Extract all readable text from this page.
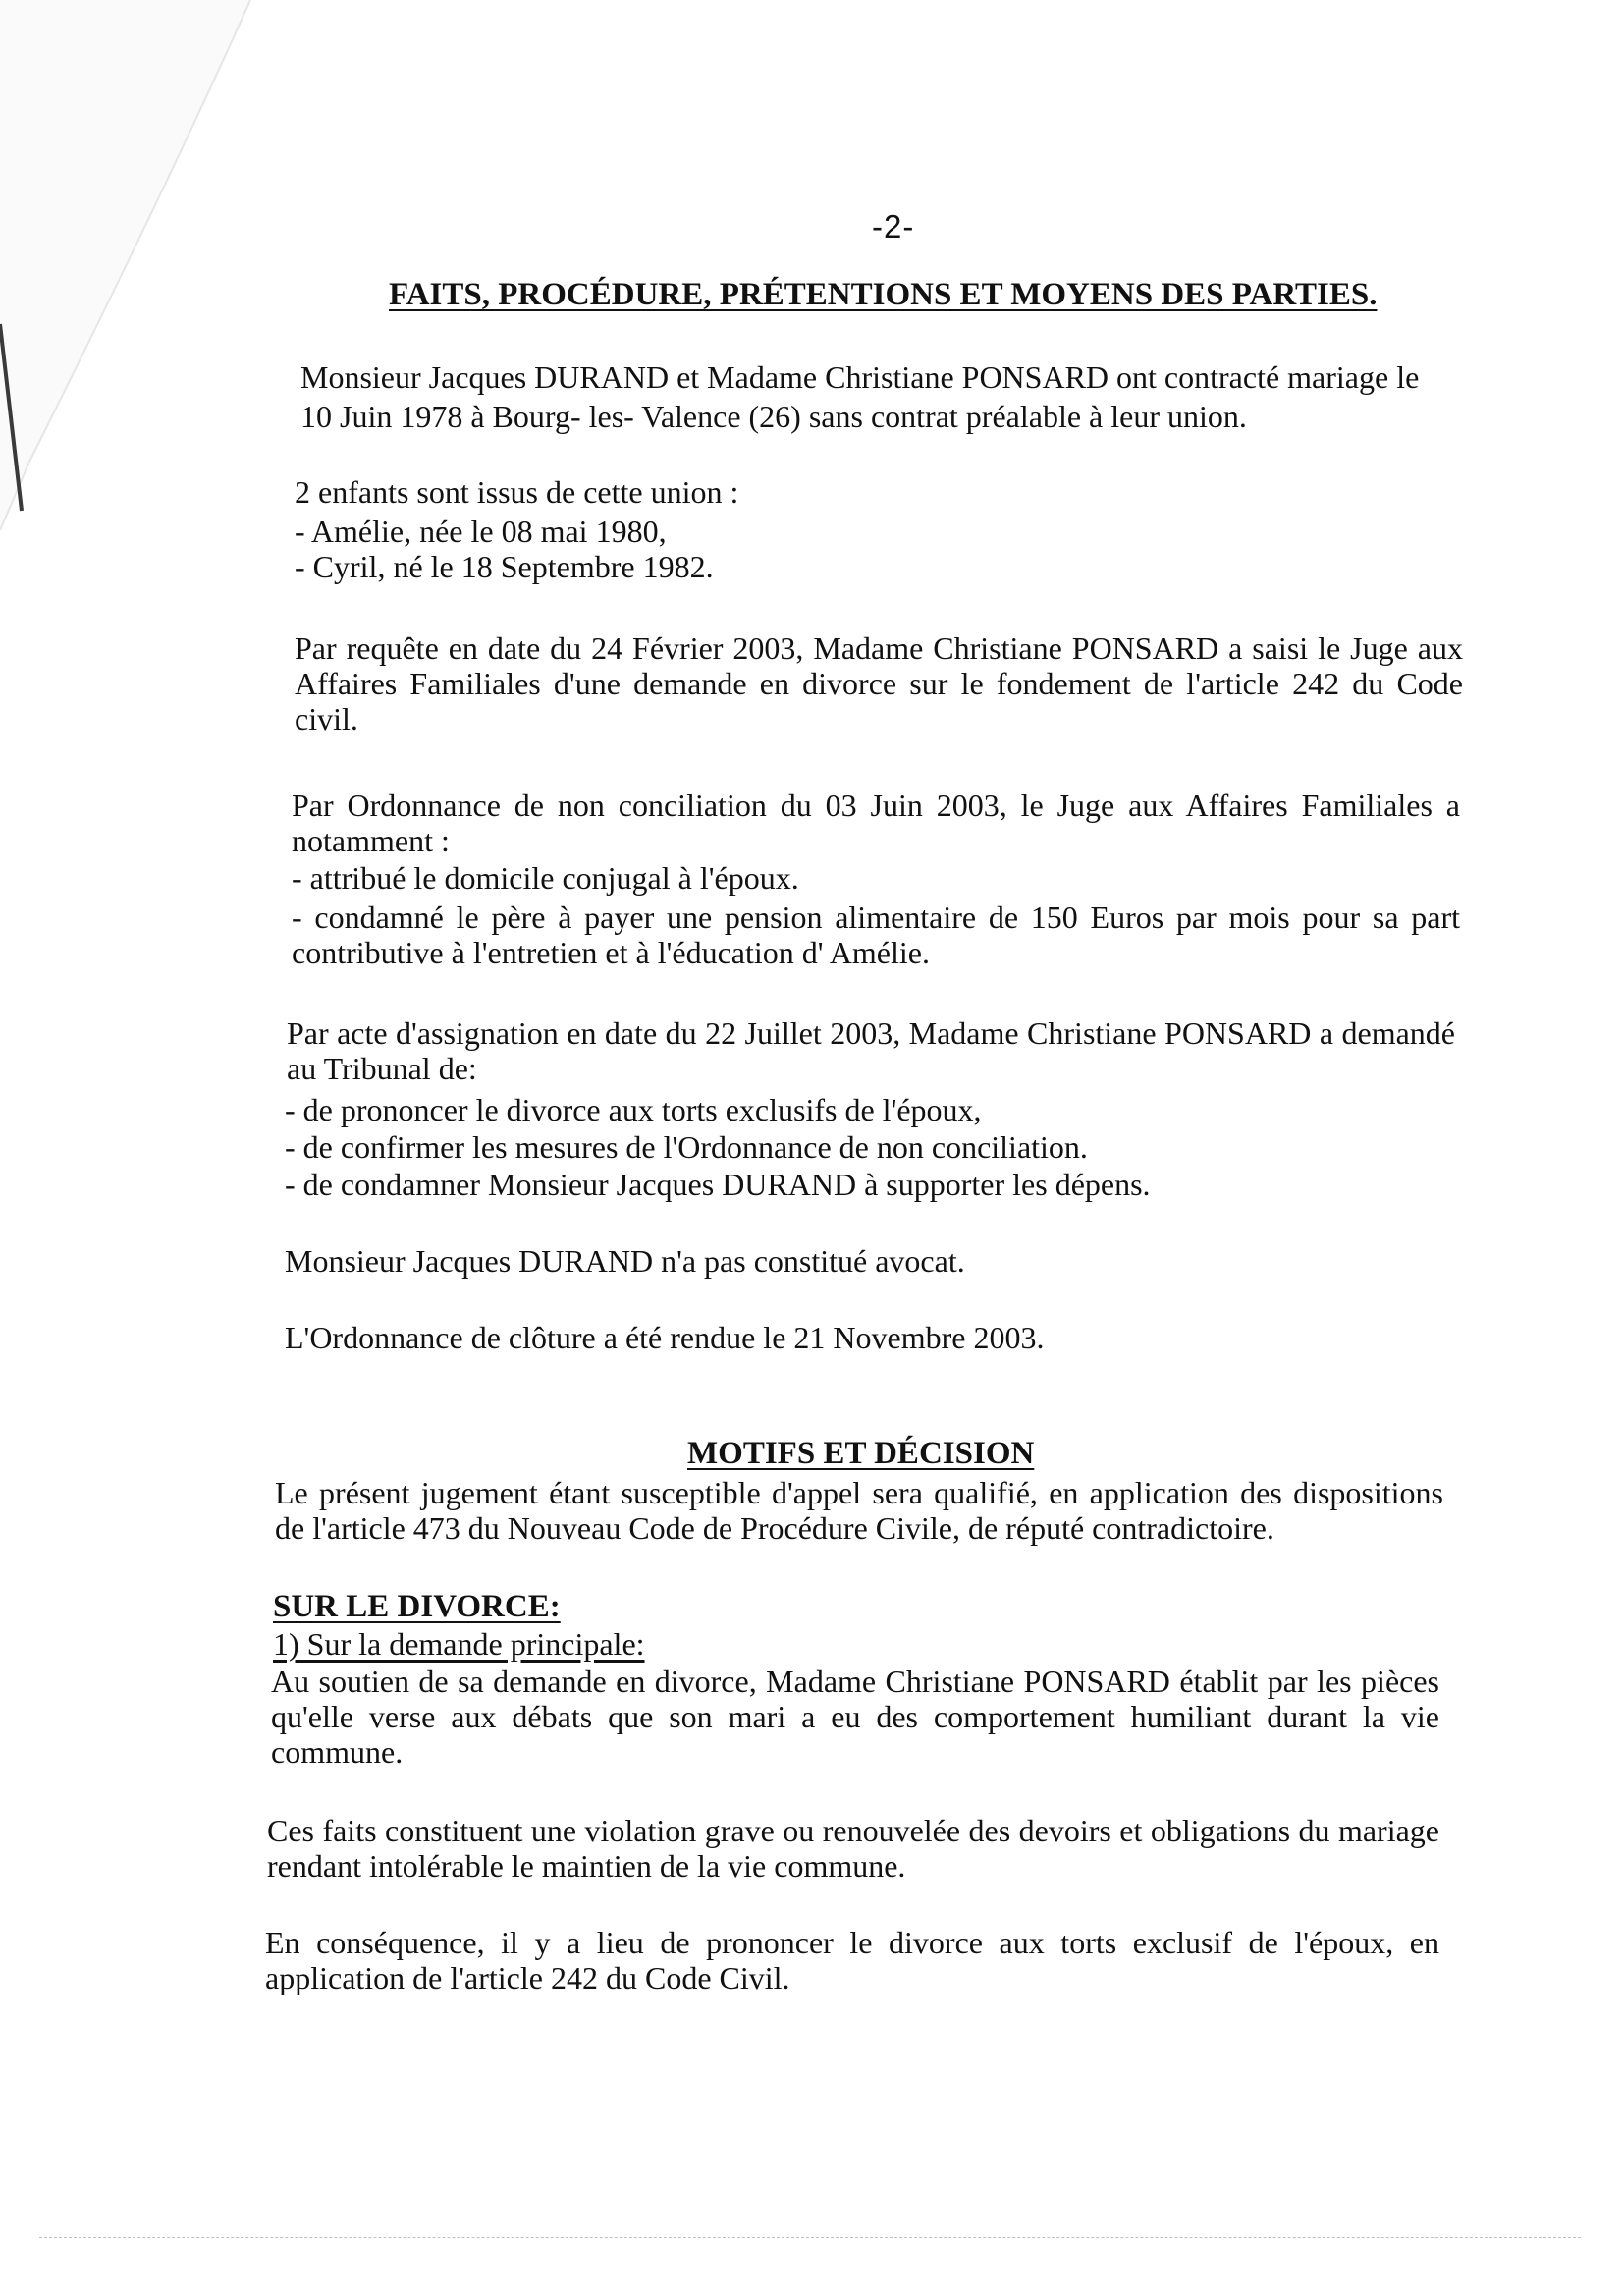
-2-
FAITS, PROCÉDURE, PRÉTENTIONS ET MOYENS DES PARTIES.

Monsieur Jacques DURAND et Madame Christiane PONSARD ont contracté mariage le

10 Juin 1978 à Bourg- les- Valence (26) sans contrat préalable à leur union.

2 enfants sont issus de cette union :

- Amélie, née le 08 mai 1980,

- Cyril, né le 18 Septembre 1982.

Par requête en date du 24 Février 2003, Madame Christiane PONSARD a saisi le Juge aux Affaires Familiales d'une demande en divorce sur le fondement de l'article 242 du Code civil.

Par Ordonnance de non conciliation du 03 Juin 2003, le Juge aux Affaires Familiales a notamment :

- attribué le domicile conjugal à l'époux.

- condamné le père à payer une pension alimentaire de 150 Euros par mois pour sa part contributive à l'entretien et à l'éducation d' Amélie.

Par acte d'assignation en date du 22 Juillet 2003, Madame Christiane PONSARD a demandé au Tribunal de:

- de prononcer le divorce aux torts exclusifs de l'époux,

- de confirmer les mesures de l'Ordonnance de non conciliation.

- de condamner Monsieur Jacques DURAND à supporter les dépens.

Monsieur Jacques DURAND n'a pas constitué avocat.

L'Ordonnance de clôture a été rendue le 21 Novembre 2003.

MOTIFS ET DÉCISION

Le présent jugement étant susceptible d'appel sera qualifié, en application des dispositions de l'article 473 du Nouveau Code de Procédure Civile, de réputé contradictoire.

SUR LE DIVORCE:
1) Sur la demande principale:

Au soutien de sa demande en divorce, Madame Christiane PONSARD établit par les pièces qu'elle verse aux débats que son mari a eu des comportement humiliant durant la vie commune.

Ces faits constituent une violation grave ou renouvelée des devoirs et obligations du mariage rendant intolérable le maintien de la vie commune.

En conséquence, il y a lieu de prononcer le divorce aux torts exclusif de l'époux, en application de l'article 242 du Code Civil.
